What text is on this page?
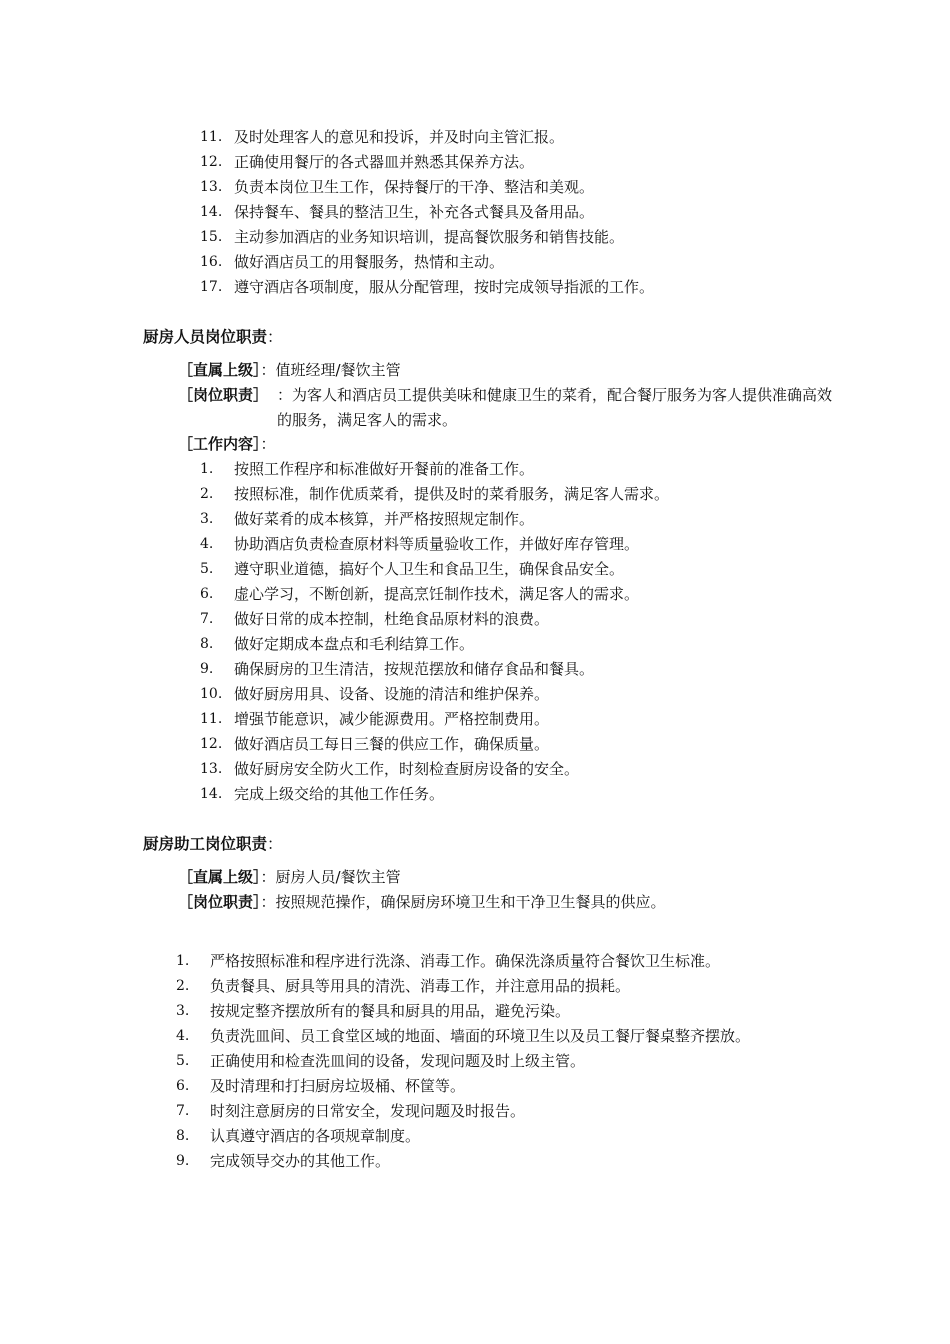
11. 及时处理客人的意见和投诉，并及时向主管汇报。
12. 正确使用餐厅的各式器皿并熟悉其保养方法。
13. 负责本岗位卫生工作，保持餐厅的干净、整洁和美观。
14. 保持餐车、餐具的整洁卫生，补充各式餐具及备用品。
15. 主动参加酒店的业务知识培训，提高餐饮服务和销售技能。
16. 做好酒店员工的用餐服务，热情和主动。
17. 遵守酒店各项制度，服从分配管理，按时完成领导指派的工作。
厨房人员岗位职责：
［直属上级］：值班经理/餐饮主管
［岗位职责］ ：为客人和酒店员工提供美味和健康卫生的菜肴，配合餐厅服务为客人提供准确高效的服务，满足客人的需求。
［工作内容］：
1.	按照工作程序和标准做好开餐前的准备工作。
2.	按照标准，制作优质菜肴，提供及时的菜肴服务，满足客人需求。
3.	做好菜肴的成本核算，并严格按照规定制作。
4.	协助酒店负责检查原材料等质量验收工作，并做好库存管理。
5.	遵守职业道德，搞好个人卫生和食品卫生，确保食品安全。
6.	虚心学习，不断创新，提高烹饪制作技术，满足客人的需求。
7.	做好日常的成本控制，杜绝食品原材料的浪费。
8.	做好定期成本盘点和毛利结算工作。
9.	确保厨房的卫生清洁，按规范摆放和储存食品和餐具。
10. 做好厨房用具、设备、设施的清洁和维护保养。
11. 增强节能意识，减少能源费用。严格控制费用。
12. 做好酒店员工每日三餐的供应工作，确保质量。
13. 做好厨房安全防火工作，时刻检查厨房设备的安全。
14. 完成上级交给的其他工作任务。
厨房助工岗位职责：
［直属上级］：厨房人员/餐饮主管
［岗位职责］：按照规范操作，确保厨房环境卫生和干净卫生餐具的供应。
1.	严格按照标准和程序进行洗涤、消毒工作。确保洗涤质量符合餐饮卫生标准。
2.	负责餐具、厨具等用具的清洗、消毒工作，并注意用品的损耗。
3.	按规定整齐摆放所有的餐具和厨具的用品，避免污染。
4.	负责洗皿间、员工食堂区域的地面、墙面的环境卫生以及员工餐厅餐桌整齐摆放。
5.	正确使用和检查洗皿间的设备，发现问题及时上级主管。
6.	及时清理和打扫厨房垃圾桶、杯筐等。
7.	时刻注意厨房的日常安全，发现问题及时报告。
8.	认真遵守酒店的各项规章制度。
9.	完成领导交办的其他工作。
